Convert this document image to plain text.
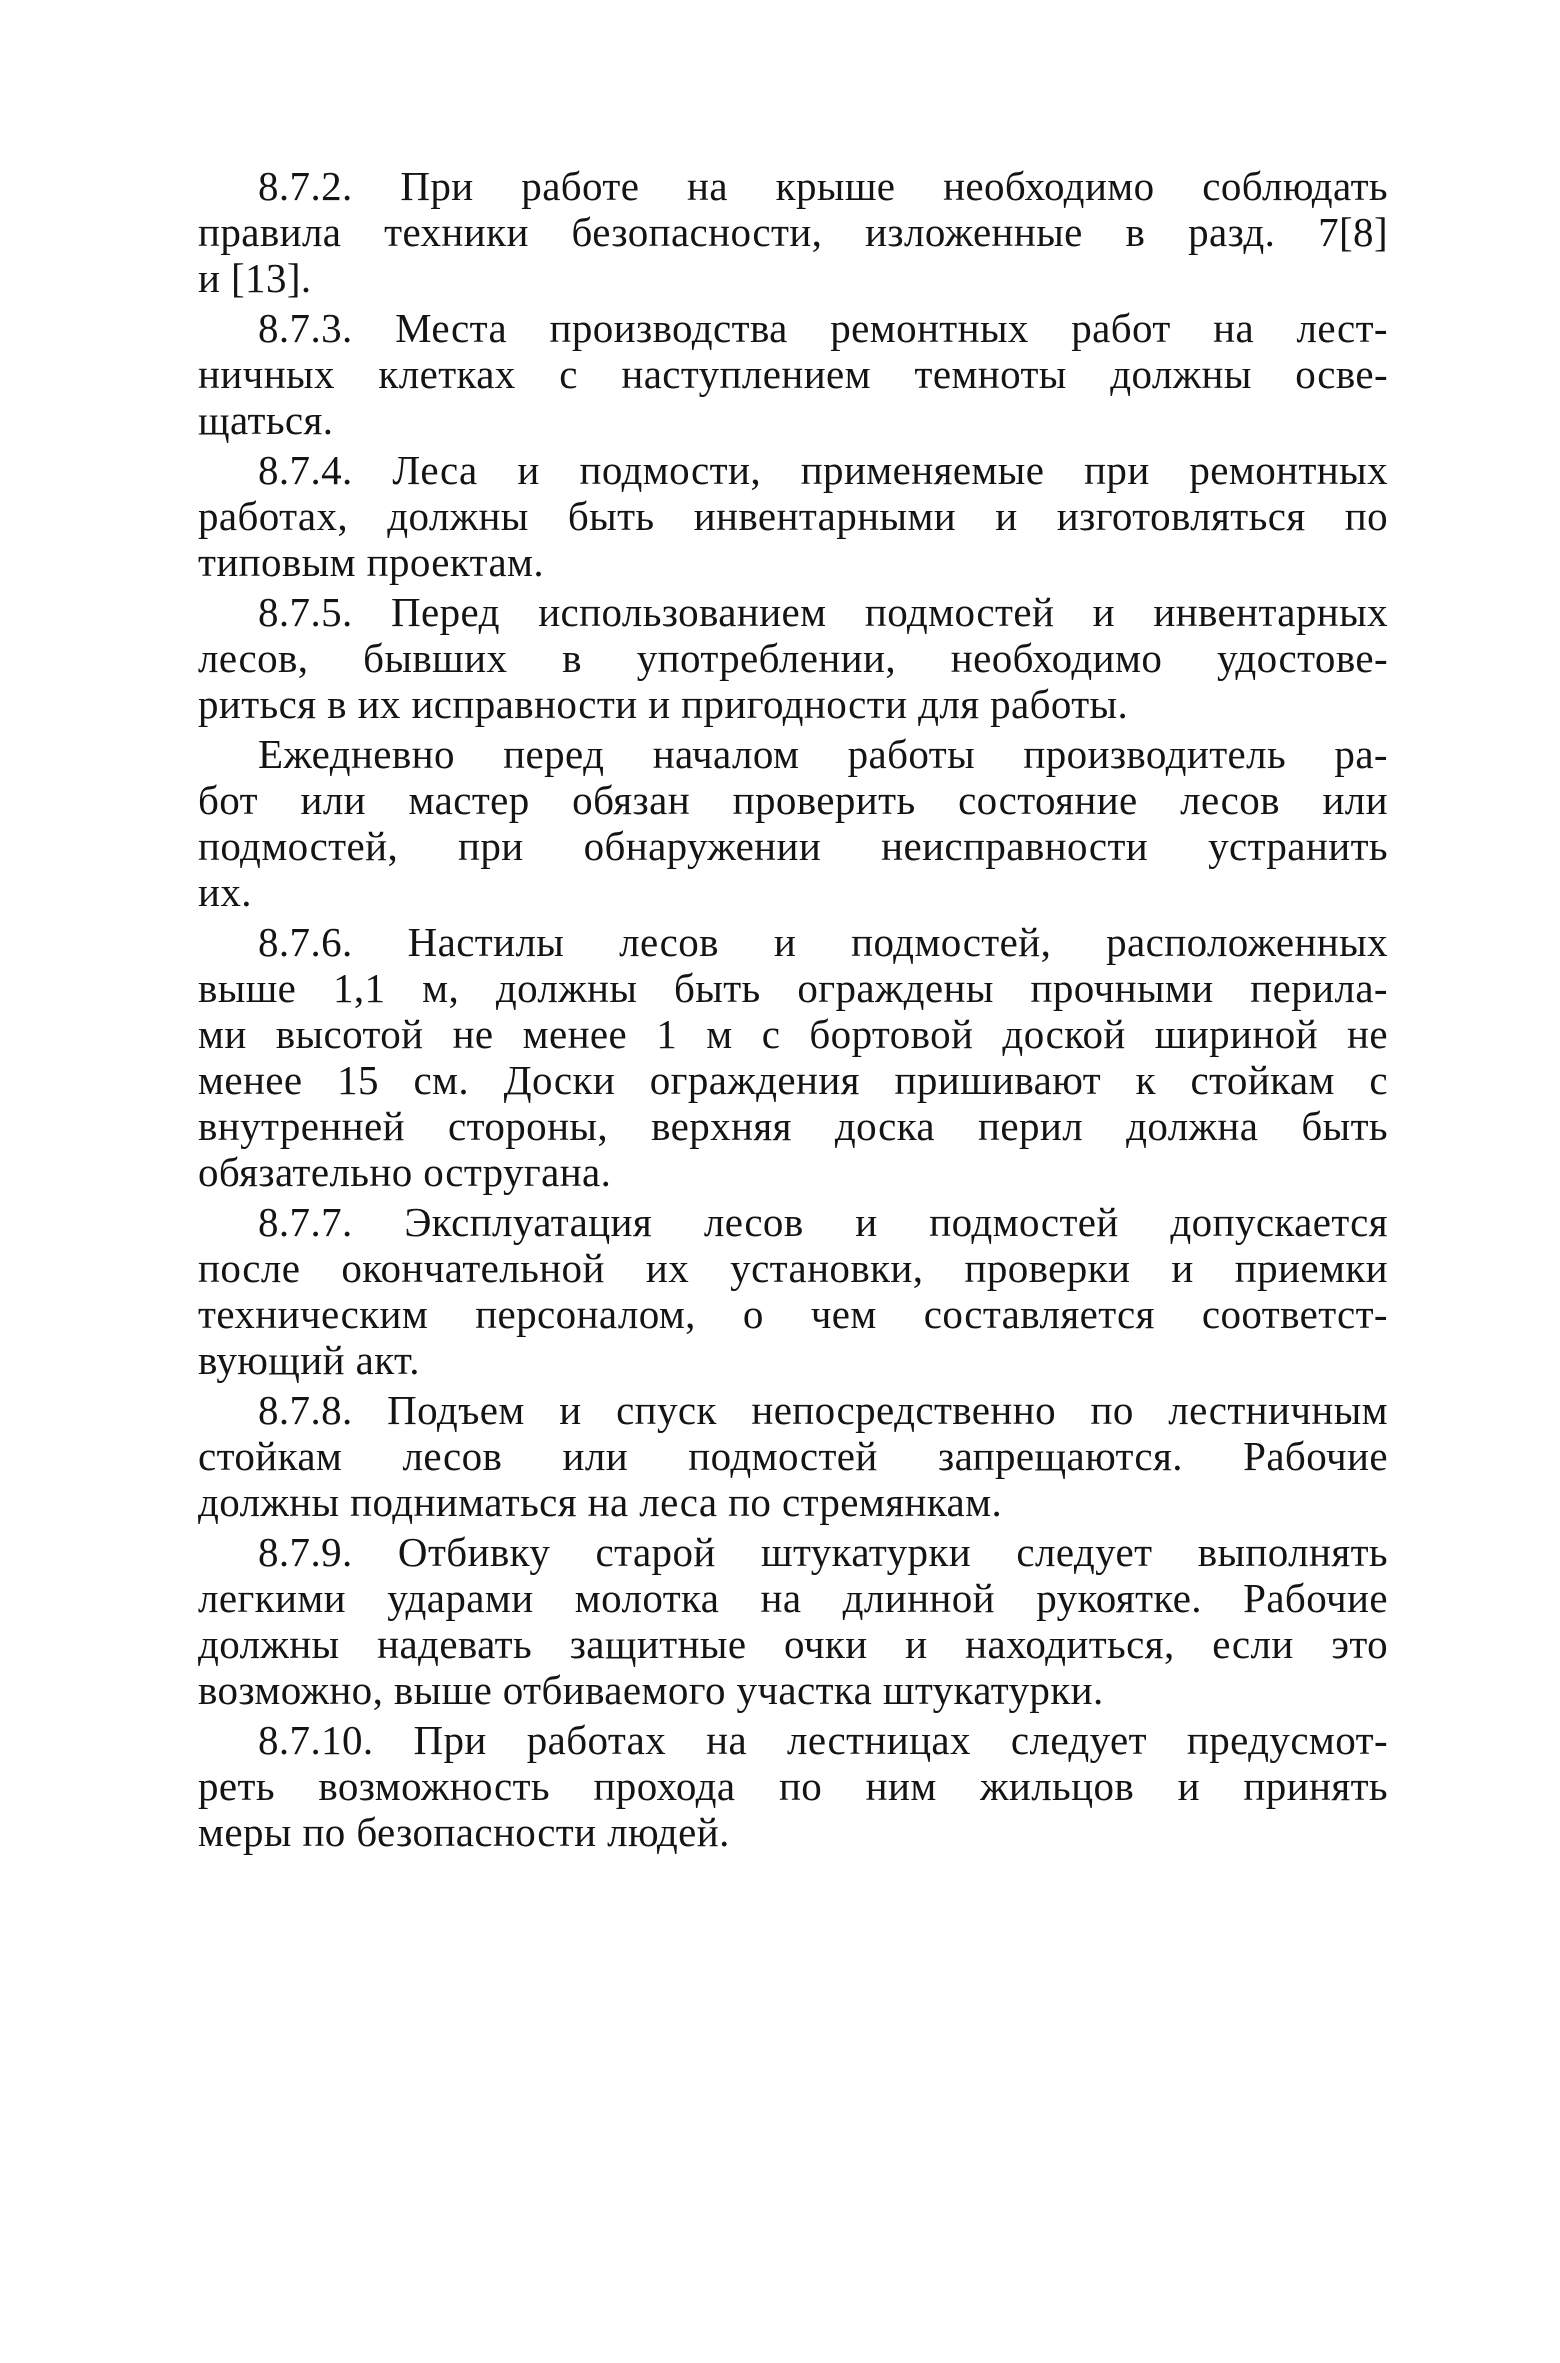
8.7.2. При работе на крыше необходимо соблюдать
правила техники безопасности, изложенные в разд. 7[8]
и [13].
8.7.3. Места производства ремонтных работ на лест-
ничных клетках с наступлением темноты должны осве-
щаться.
8.7.4. Леса и подмости, применяемые при ремонтных
работах, должны быть инвентарными и изготовляться по
типовым проектам.
8.7.5. Перед использованием подмостей и инвентарных
лесов, бывших в употреблении, необходимо удостове-
риться в их исправности и пригодности для работы.
Ежедневно перед началом работы производитель ра-
бот или мастер обязан проверить состояние лесов или
подмостей, при обнаружении неисправности устранить
их.
8.7.6. Настилы лесов и подмостей, расположенных
выше 1,1 м, должны быть ограждены прочными перила-
ми высотой не менее 1 м с бортовой доской шириной не
менее 15 см. Доски ограждения пришивают к стойкам с
внутренней стороны, верхняя доска перил должна быть
обязательно остругана.
8.7.7. Эксплуатация лесов и подмостей допускается
после окончательной их установки, проверки и приемки
техническим персоналом, о чем составляется соответст-
вующий акт.
8.7.8. Подъем и спуск непосредственно по лестничным
стойкам лесов или подмостей запрещаются. Рабочие
должны подниматься на леса по стремянкам.
8.7.9. Отбивку старой штукатурки следует выполнять
легкими ударами молотка на длинной рукоятке. Рабочие
должны надевать защитные очки и находиться, если это
возможно, выше отбиваемого участка штукатурки.
8.7.10. При работах на лестницах следует предусмот-
реть возможность прохода по ним жильцов и принять
меры по безопасности людей.
